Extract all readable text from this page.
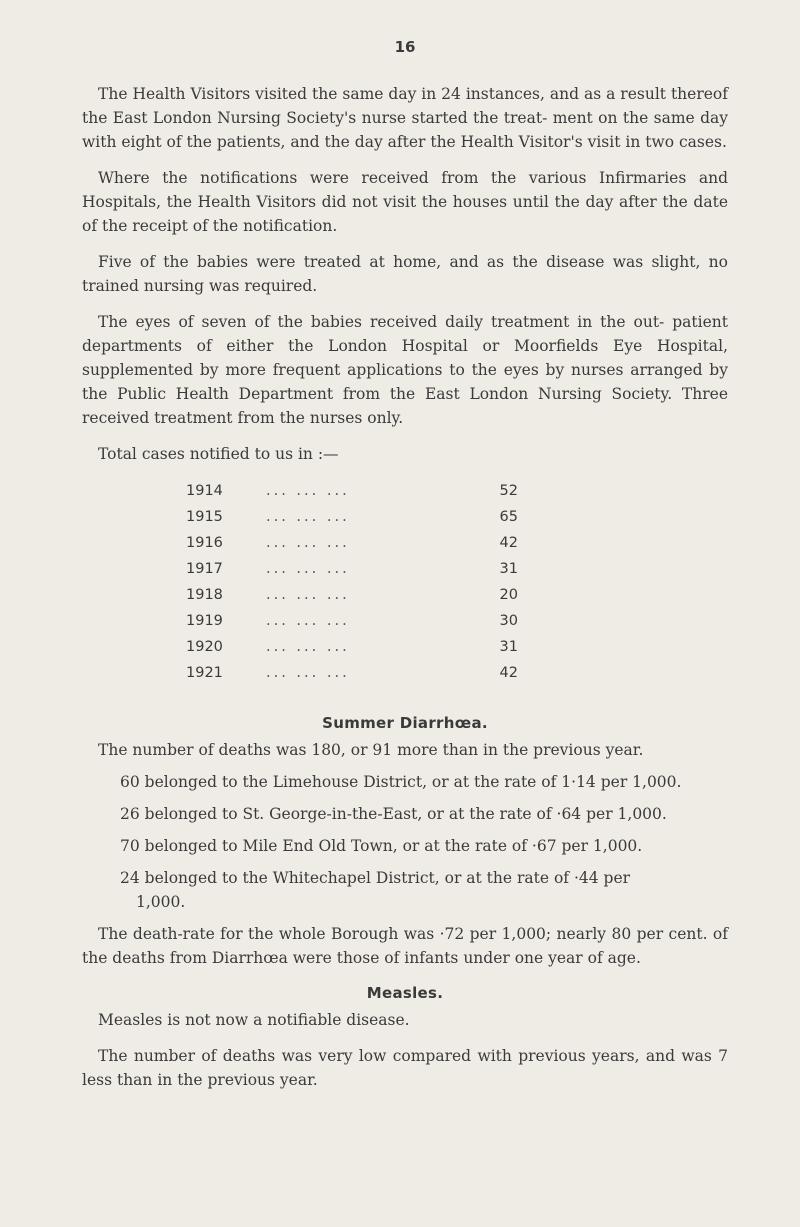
16

The Health Visitors visited the same day in 24 instances, and as a result thereof the East London Nursing Society's nurse started the treat- ment on the same day with eight of the patients, and the day after the Health Visitor's visit in two cases.

Where the notifications were received from the various Infirmaries and Hospitals, the Health Visitors did not visit the houses until the day after the date of the receipt of the notification.

Five of the babies were treated at home, and as the disease was slight, no trained nursing was required.

The eyes of seven of the babies received daily treatment in the out- patient departments of either the London Hospital or Moorfields Eye Hospital, supplemented by more frequent applications to the eyes by nurses arranged by the Public Health Department from the East London Nursing Society. Three received treatment from the nurses only.

Total cases notified to us in :—
1914	... ... ...	52
1915	... ... ...	65
1916	... ... ...	42
1917	... ... ...	31
1918	... ... ...	20
1919	... ... ...	30
1920	... ... ...	31
1921	... ... ...	42
Summer Diarrhœa.

The number of deaths was 180, or 91 more than in the previous year.

60 belonged to the Limehouse District, or at the rate of 1·14 per 1,000.
26 belonged to St. George-in-the-East, or at the rate of ·64 per 1,000.
70 belonged to Mile End Old Town, or at the rate of ·67 per 1,000.
24 belonged to the Whitechapel District, or at the rate of ·44 per
1,000.

The death-rate for the whole Borough was ·72 per 1,000; nearly 80 per cent. of the deaths from Diarrhœa were those of infants under one year of age.

Measles.

Measles is not now a notifiable disease.

The number of deaths was very low compared with previous years, and was 7 less than in the previous year.
